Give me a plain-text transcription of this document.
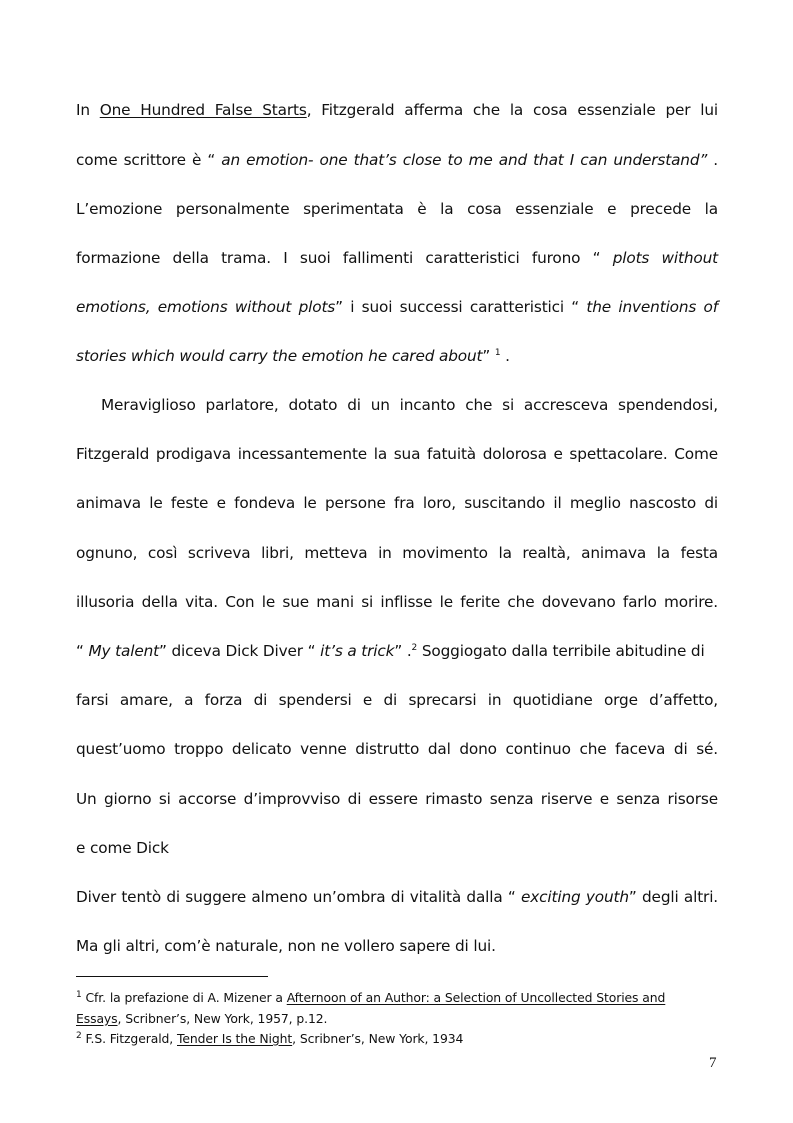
In One Hundred False Starts, Fitzgerald afferma che la cosa essenziale per lui
come scrittore è “ an emotion- one that’s close to me and that I can understand” .
L’emozione personalmente sperimentata è la cosa essenziale e precede la
formazione della trama. I suoi fallimenti caratteristici furono “ plots without
emotions, emotions without plots” i suoi successi caratteristici “ the inventions of
stories which would carry the emotion he cared about” $^1$ .
Meraviglioso parlatore, dotato di un incanto che si accresceva spendendosi,
Fitzgerald prodigava incessantemente la sua fatuità dolorosa e spettacolare. Come
animava le feste e fondeva le persone fra loro, suscitando il meglio nascosto di
ognuno, così scriveva libri, metteva in movimento la realtà, animava la festa
illusoria della vita. Con le sue mani si inflisse le ferite che dovevano farlo morire.
“ My talent” diceva Dick Diver “ it’s a trick” .$^2$ Soggiogato dalla terribile abitudine di
farsi amare, a forza di spendersi e di sprecarsi in quotidiane orge d’affetto,
quest’uomo troppo delicato venne distrutto dal dono continuo che faceva di sé.
Un giorno si accorse d’improvviso di essere rimasto senza riserve e senza risorse
e come Dick
Diver tentò di suggere almeno un’ombra di vitalità dalla “ exciting youth” degli altri.
Ma gli altri, com’è naturale, non ne vollero sapere di lui.
$^1$ Cfr. la prefazione di A. Mizener a Afternoon of an Author: a Selection of Uncollected Stories and
Essays, Scribner’s, New York, 1957, p.12.
$^2$ F.S. Fitzgerald, Tender Is the Night, Scribner’s, New York, 1934
7
